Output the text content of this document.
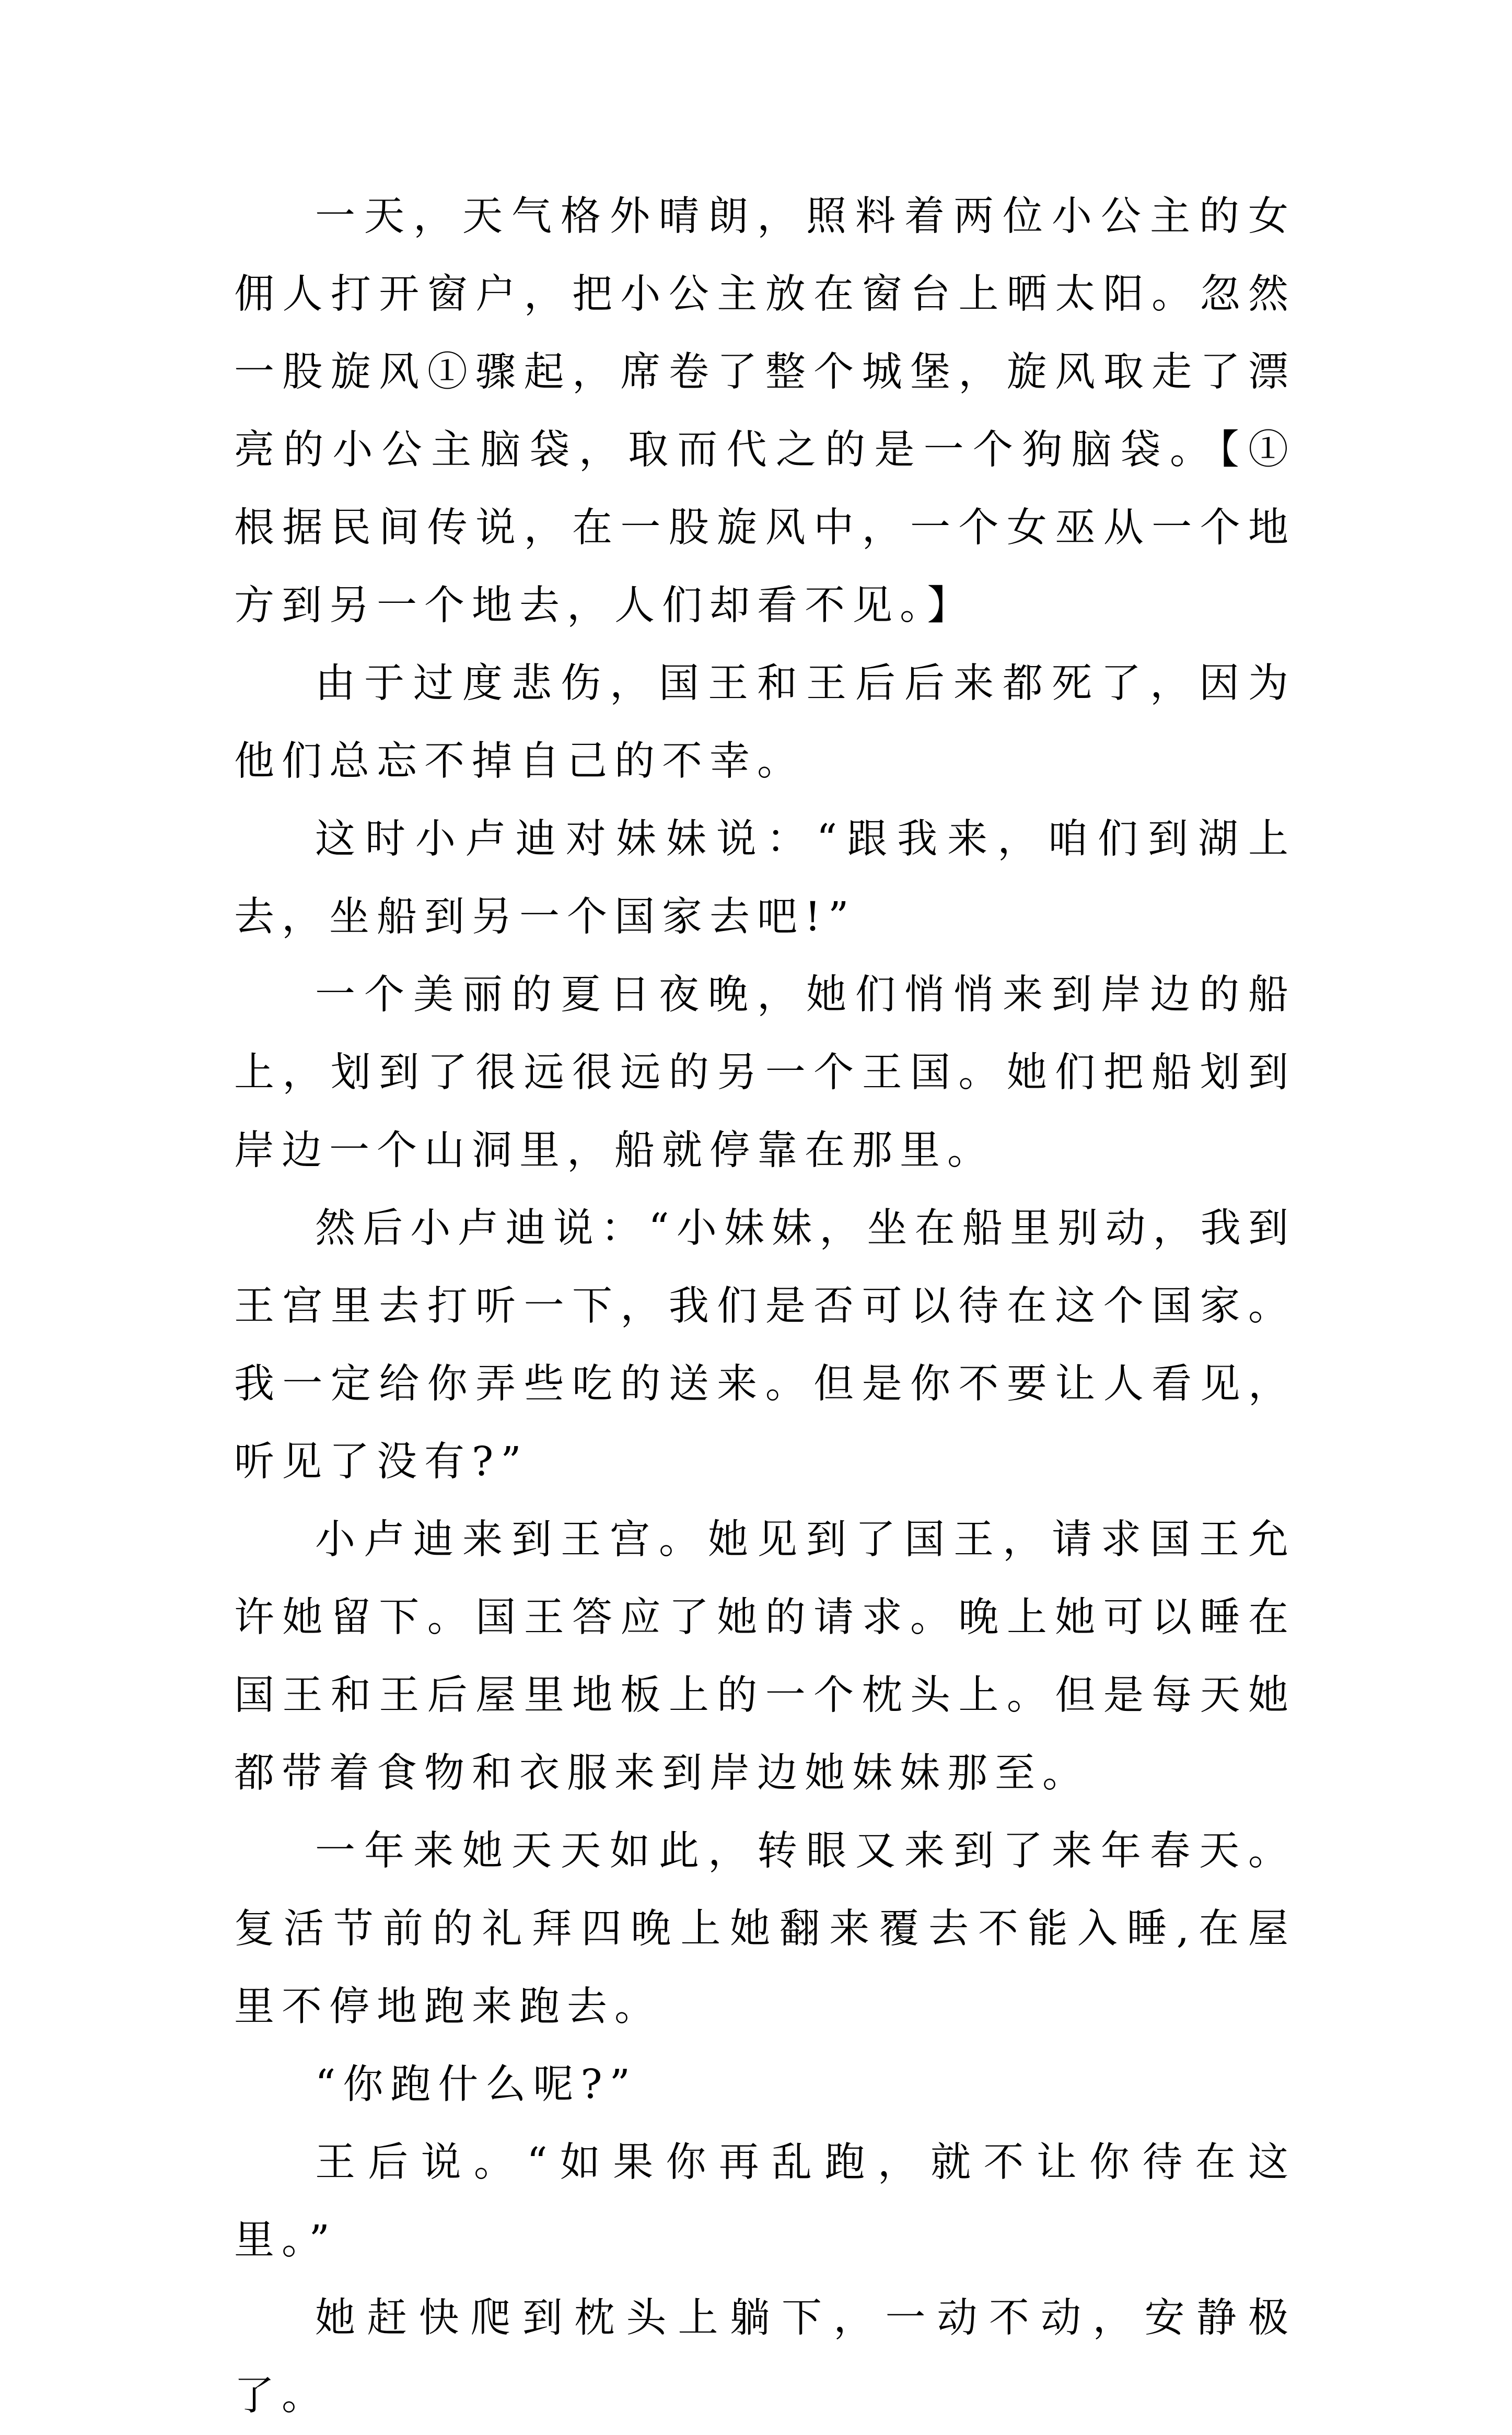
一天，天气格外晴朗，照料着两位小公主的女佣人打开窗户，把小公主放在窗台上晒太阳。忽然一股旋风①骤起，席卷了整个城堡，旋风取走了漂亮的小公主脑袋，取而代之的是一个狗脑袋。【①根据民间传说，在一股旋风中，一个女巫从一个地方到另一个地去，人们却看不见。】

由于过度悲伤，国王和王后后来都死了，因为他们总忘不掉自己的不幸。

这时小卢迪对妹妹说：“跟我来，咱们到湖上去，坐船到另一个国家去吧!”

一个美丽的夏日夜晚，她们悄悄来到岸边的船上，划到了很远很远的另一个王国。她们把船划到岸边一个山洞里，船就停靠在那里。

然后小卢迪说：“小妹妹，坐在船里别动，我到王宫里去打听一下，我们是否可以待在这个国家。我一定给你弄些吃的送来。但是你不要让人看见，听见了没有?”

小卢迪来到王宫。她见到了国王，请求国王允许她留下。国王答应了她的请求。晚上她可以睡在国王和王后屋里地板上的一个枕头上。但是每天她都带着食物和衣服来到岸边她妹妹那至。

一年来她天天如此，转眼又来到了来年春天。复活节前的礼拜四晚上她翻来覆去不能入睡,在屋里不停地跑来跑去。

“你跑什么呢?”

王后说。“如果你再乱跑，就不让你待在这里。”

她赶快爬到枕头上躺下，一动不动，安静极了。
